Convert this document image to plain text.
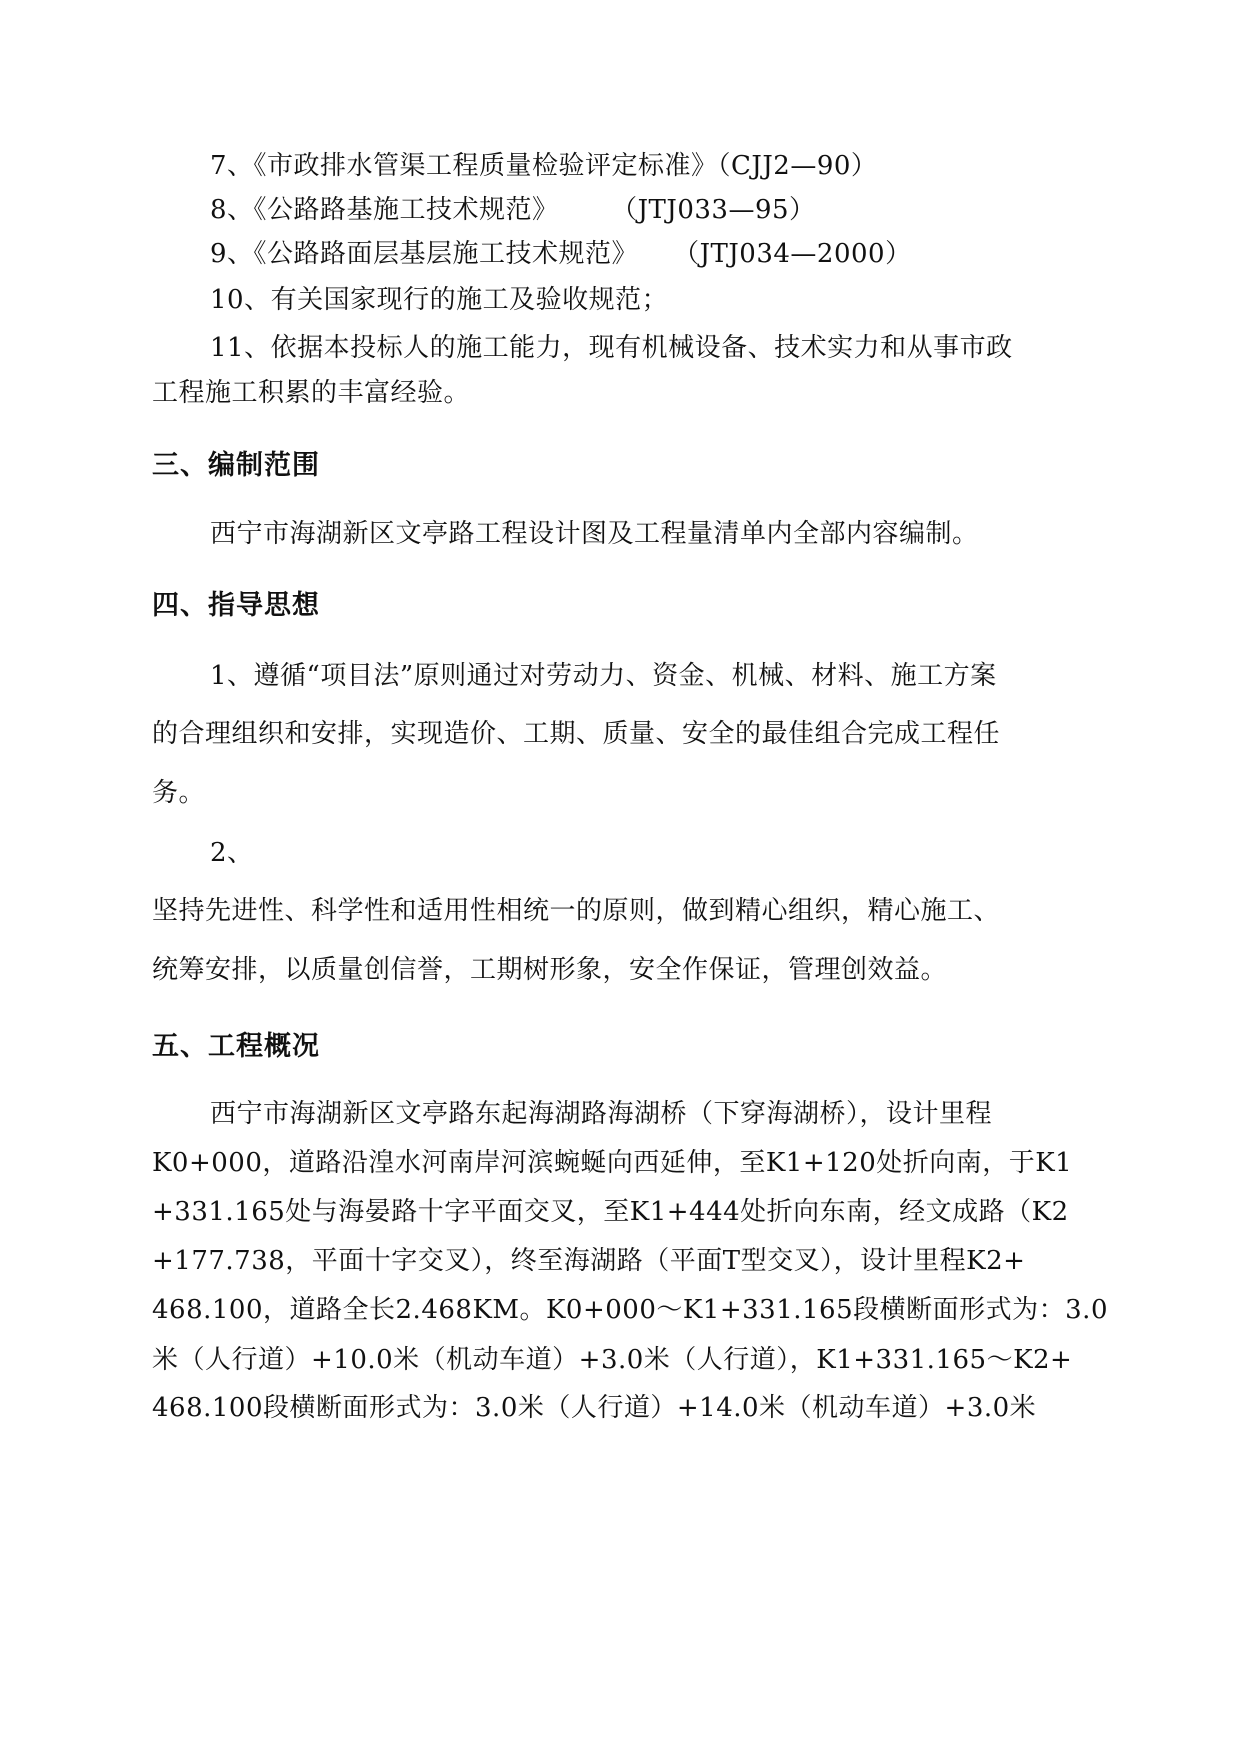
7、《市政排水管渠工程质量检验评定标准》（CJJ2—90）
8、《公路路基施工技术规范》      （JTJ033—95）
9、《公路路面层基层施工技术规范》    （JTJ034—2000）
10、有关国家现行的施工及验收规范；
11、依据本投标人的施工能力，现有机械设备、技术实力和从事市政
工程施工积累的丰富经验。
三、编制范围
西宁市海湖新区文亭路工程设计图及工程量清单内全部内容编制。
四、指导思想
1、遵循“项目法”原则通过对劳动力、资金、机械、材料、施工方案
的合理组织和安排，实现造价、工期、质量、安全的最佳组合完成工程任
务。
2、
坚持先进性、科学性和适用性相统一的原则，做到精心组织，精心施工、
统筹安排，以质量创信誉，工期树形象，安全作保证，管理创效益。
五、工程概况
西宁市海湖新区文亭路东起海湖路海湖桥（下穿海湖桥），设计里程
K0+000，道路沿湟水河南岸河滨蜿蜒向西延伸，至K1+120处折向南，于K1
+331.165处与海晏路十字平面交叉，至K1+444处折向东南，经文成路（K2
+177.738，平面十字交叉），终至海湖路（平面T型交叉），设计里程K2+
468.100，道路全长2.468KM。K0+000～K1+331.165段横断面形式为：3.0
米（人行道）+10.0米（机动车道）+3.0米（人行道），K1+331.165～K2+
468.100段横断面形式为：3.0米（人行道）+14.0米（机动车道）+3.0米
